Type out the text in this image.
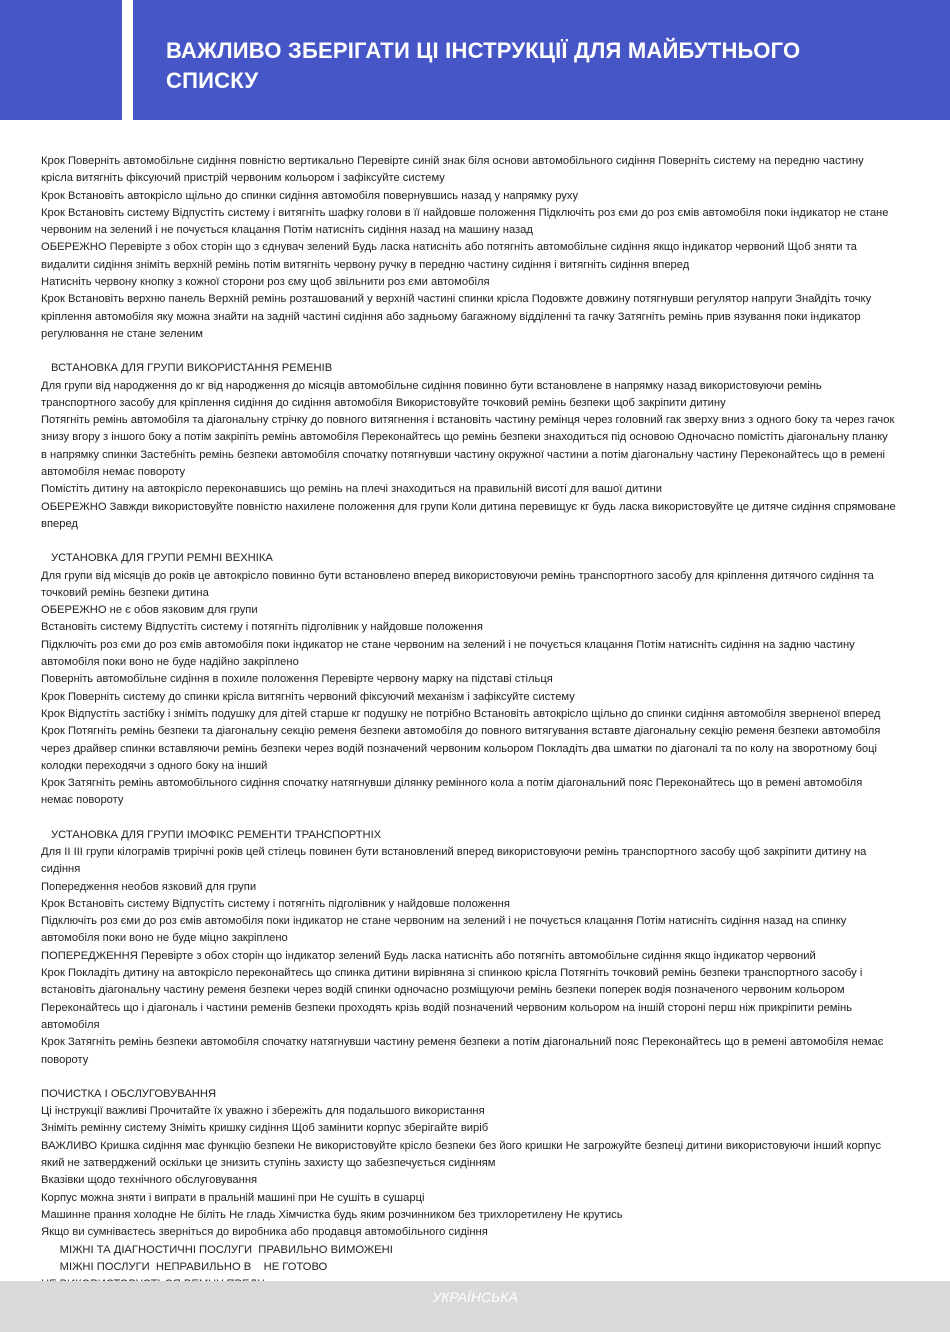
ВАЖЛИВО ЗБЕРІГАТИ ЦІ ІНСТРУКЦІЇ ДЛЯ МАЙБУТНЬОГО СПИСКУ

Крок Поверніть автомобільне сидіння повністю вертикально Перевірте синій знак біля основи автомобільного сидіння Поверніть систему на передню частину крісла витягніть фіксуючий пристрій червоним кольором і зафіксуйте систему

Крок Встановіть автокрісло щільно до спинки сидіння автомобіля повернувшись назад у напрямку руху

Крок Встановіть систему Відпустіть систему і витягніть шафку голови в її найдовше положення Підключіть роз єми до роз ємів автомобіля поки індикатор не стане червоним на зелений і не почується клацання Потім натисніть сидіння назад на машину назад

ОБЕРЕЖНО Перевірте з обох сторін що з єднувач зелений Будь ласка натисніть або потягніть автомобільне сидіння якщо індикатор червоний Щоб зняти та видалити сидіння зніміть верхній ремінь потім витягніть червону ручку в передню частину сидіння і витягніть сидіння вперед

Натисніть червону кнопку з кожної сторони роз єму щоб звільнити роз єми автомобіля

Крок Встановіть верхню панель Верхній ремінь розташований у верхній частині спинки крісла Подовжте довжину потягнувши регулятор напруги Знайдіть точку кріплення автомобіля яку можна знайти на задній частині сидіння або задньому багажному відділенні та гачку Затягніть ремінь прив язування поки індикатор регулювання не стане зеленим

ВСТАНОВКА ДЛЯ ГРУПИ ВИКОРИСТАННЯ РЕМЕНІВ

Для групи від народження до кг від народження до місяців автомобільне сидіння повинно бути встановлене в напрямку назад використовуючи ремінь транспортного засобу для кріплення сидіння до сидіння автомобіля Використовуйте точковий ремінь безпеки щоб закріпити дитину

Потягніть ремінь автомобіля та діагональну стрічку до повного витягнення і встановіть частину ремінця через головний гак зверху вниз з одного боку та через гачок знизу вгору з іншого боку а потім закріпіть ремінь автомобіля Переконайтесь що ремінь безпеки знаходиться під основою Одночасно помістіть діагональну планку в напрямку спинки Застебніть ремінь безпеки автомобіля спочатку потягнувши частину окружної частини а потім діагональну частину Переконайтесь що в ремені автомобіля немає повороту

Помістіть дитину на автокрісло переконавшись що ремінь на плечі знаходиться на правильній висоті для вашої дитини

ОБЕРЕЖНО Завжди використовуйте повністю нахилене положення для групи Коли дитина перевищує кг будь ласка використовуйте це дитяче сидіння спрямоване вперед

УСТАНОВКА ДЛЯ ГРУПИ РЕМНІ ВЕХНІКА

Для групи від місяців до років це автокрісло повинно бути встановлено вперед використовуючи ремінь транспортного засобу для кріплення дитячого сидіння та точковий ремінь безпеки дитина

ОБЕРЕЖНО не є обов язковим для групи

Встановіть систему Відпустіть систему і потягніть підголівник у найдовше положення

Підключіть роз єми до роз ємів автомобіля поки індикатор не стане червоним на зелений і не почується клацання Потім натисніть сидіння на задню частину автомобіля поки воно не буде надійно закріплено

Поверніть автомобільне сидіння в похиле положення Перевірте червону марку на підставі стільця

Крок Поверніть систему до спинки крісла витягніть червоний фіксуючий механізм і зафіксуйте систему

Крок Відпустіть застібку і зніміть подушку для дітей старше кг подушку не потрібно Встановіть автокрісло щільно до спинки сидіння автомобіля зверненої вперед

Крок Потягніть ремінь безпеки та діагональну секцію ременя безпеки автомобіля до повного витягування вставте діагональну секцію ременя безпеки автомобіля через драйвер спинки вставляючи ремінь безпеки через водій позначений червоним кольором Покладіть два шматки по діагоналі та по колу на зворотному боці колодки переходячи з одного боку на інший

Крок Затягніть ремінь автомобільного сидіння спочатку натягнувши ділянку ремінного кола а потім діагональний пояс Переконайтесь що в ремені автомобіля немає повороту

УСТАНОВКА ДЛЯ ГРУПИ ІМОФІКС РЕМЕНТИ ТРАНСПОРТНІХ

Для ІІ ІІІ групи кілограмів трирічні років цей стілець повинен бути встановлений вперед використовуючи ремінь транспортного засобу щоб закріпити дитину на сидіння

Попередження необов язковий для групи

Крок Встановіть систему Відпустіть систему і потягніть підголівник у найдовше положення

Підключіть роз єми до роз ємів автомобіля поки індикатор не стане червоним на зелений і не почується клацання Потім натисніть сидіння назад на спинку автомобіля поки воно не буде міцно закріплено

ПОПЕРЕДЖЕННЯ Перевірте з обох сторін що індикатор зелений Будь ласка натисніть або потягніть автомобільне сидіння якщо індикатор червоний

Крок Покладіть дитину на автокрісло переконайтесь що спинка дитини вирівняна зі спинкою крісла Потягніть точковий ремінь безпеки транспортного засобу і встановіть діагональну частину ременя безпеки через водій спинки одночасно розміщуючи ремінь безпеки поперек водія позначеного червоним кольором

Переконайтесь що і діагональ і частини ременів безпеки проходять крізь водій позначений червоним кольором на іншій стороні перш ніж прикріпити ремінь автомобіля

Крок Затягніть ремінь безпеки автомобіля спочатку натягнувши частину ременя безпеки а потім діагональний пояс Переконайтесь що в ремені автомобіля немає повороту

ПОЧИСТКА І ОБСЛУГОВУВАННЯ

Ці інструкції важливі Прочитайте їх уважно і збережіть для подальшого використання

Зніміть ремінну систему Зніміть кришку сидіння Щоб замінити корпус зберігайте виріб

ВАЖЛИВО Кришка сидіння має функцію безпеки Не використовуйте крісло безпеки без його кришки Не загрожуйте безпеці дитини використовуючи інший корпус який не затверджений оскільки це знизить ступінь захисту що забезпечується сидінням

Вказівки щодо технічного обслуговування

Корпус можна зняти і випрати в пральній машині при Не сушіть в сушарці

Машинне прання холодне Не біліть Не гладь Хімчистка будь яким розчинником без трихлоретилену Не крутись

Якщо ви сумніваєтесь зверніться до виробника або продавця автомобільного сидіння

МІЖНІ ТА ДІАГНОСТИЧНІ ПОСЛУГИ  ПРАВИЛЬНО ВИМОЖЕНІ

МІЖНІ ПОСЛУГИ  НЕПРАВИЛЬНО В    НЕ ГОТОВО

УКРАЇНСЬКА
